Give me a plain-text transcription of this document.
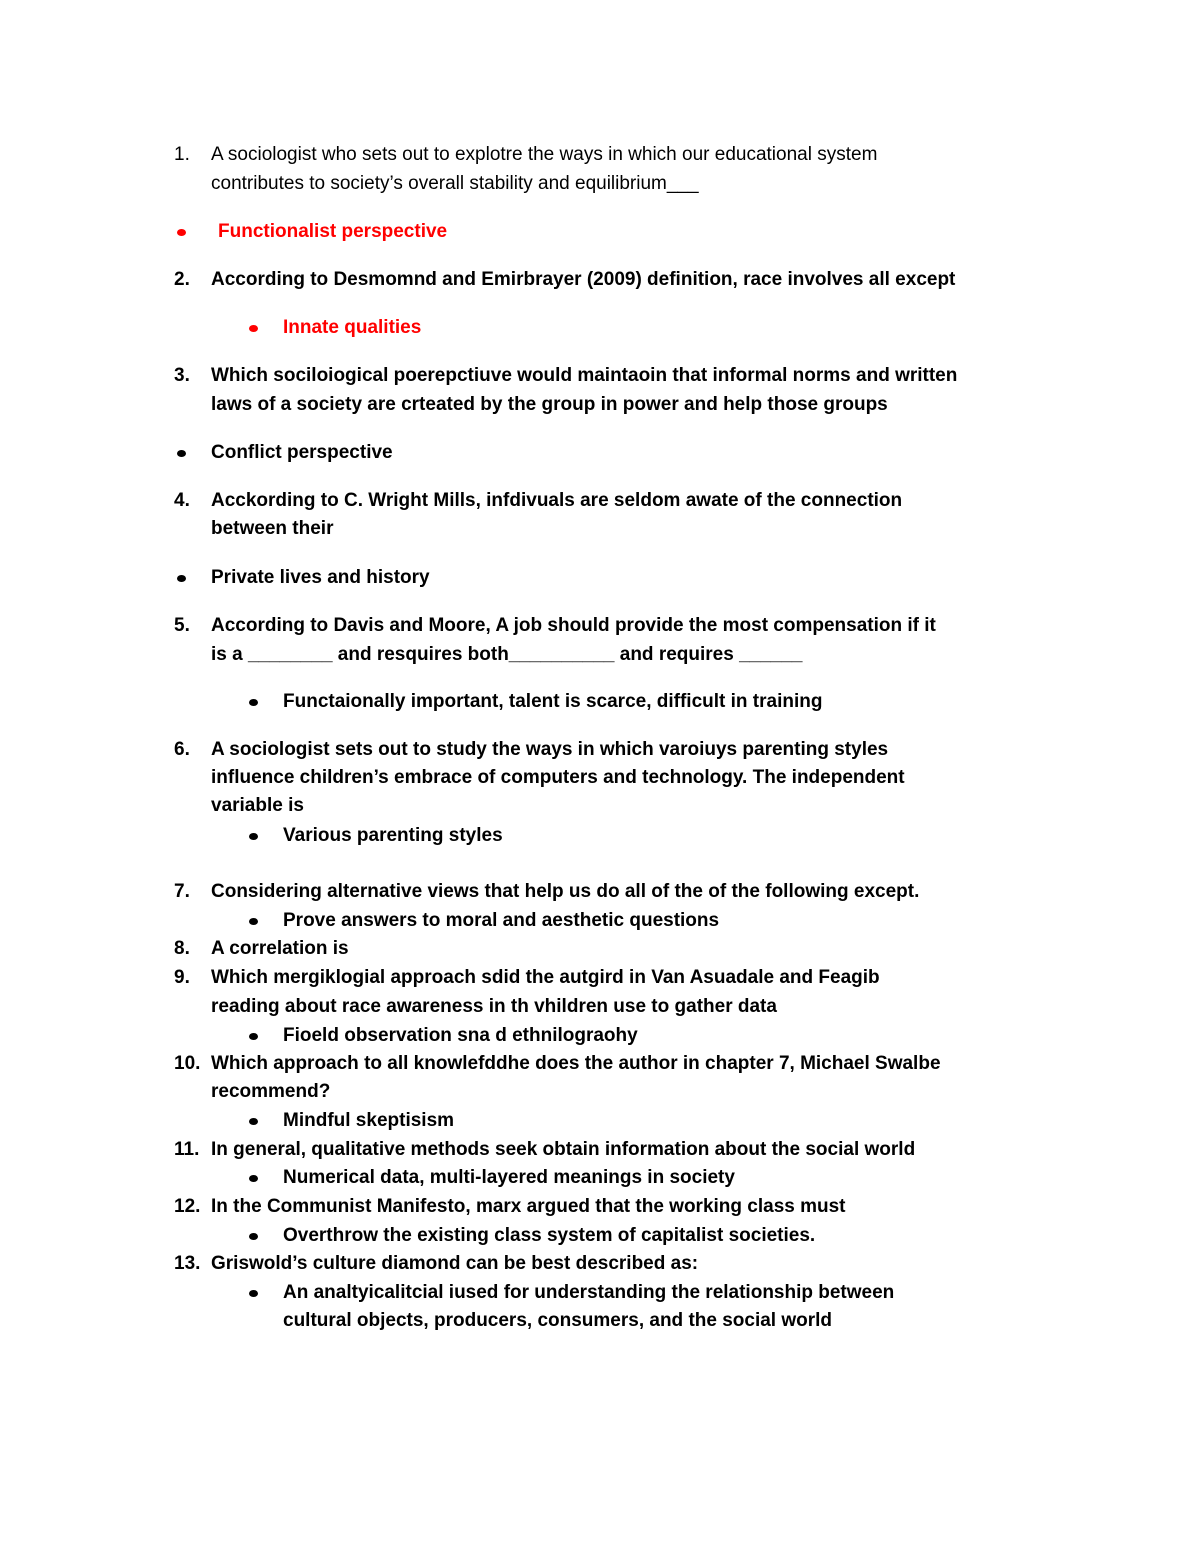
1. A sociologist who sets out to explotre the ways in which our educational system
contributes to society’s overall stability and equilibrium___
Functionalist perspective
2. According to Desmomnd and Emirbrayer (2009) definition, race involves all except
Innate qualities
3. Which sociloiogical poerepctiuve would maintaoin that informal norms and written
laws of a society are crteated by the group in power and help those groups
Conflict perspective
4. Acckording to C. Wright Mills, infdivuals are seldom awate of the connection
between their
Private lives and history
5. According to Davis and Moore, A job should provide the most compensation if it
is a ________ and resquires both__________ and requires ______
Functaionally important, talent is scarce, difficult in training
6. A sociologist sets out to study the ways in which varoiuys parenting styles
influence children’s embrace of computers and technology. The independent
variable is
Various parenting styles
7. Considering alternative views that help us do all of the of the following except.
Prove answers to moral and aesthetic questions
8. A correlation is
9. Which mergiklogial approach sdid the autgird in Van Asuadale and Feagib
reading about race awareness in th vhildren use to gather data
Fioeld observation sna d ethnilograohy
10. Which approach to all knowlefddhe does the author in chapter 7, Michael Swalbe
recommend?
Mindful skeptisism
11. In general, qualitative methods seek obtain information about the social world
Numerical data, multi-layered meanings in society
12. In the Communist Manifesto, marx argued that the working class must
Overthrow the existing class system of capitalist societies.
13. Griswold’s culture diamond can be best described as:
An analtyicalitcial iused for understanding the relationship between
cultural objects, producers, consumers, and the social world
